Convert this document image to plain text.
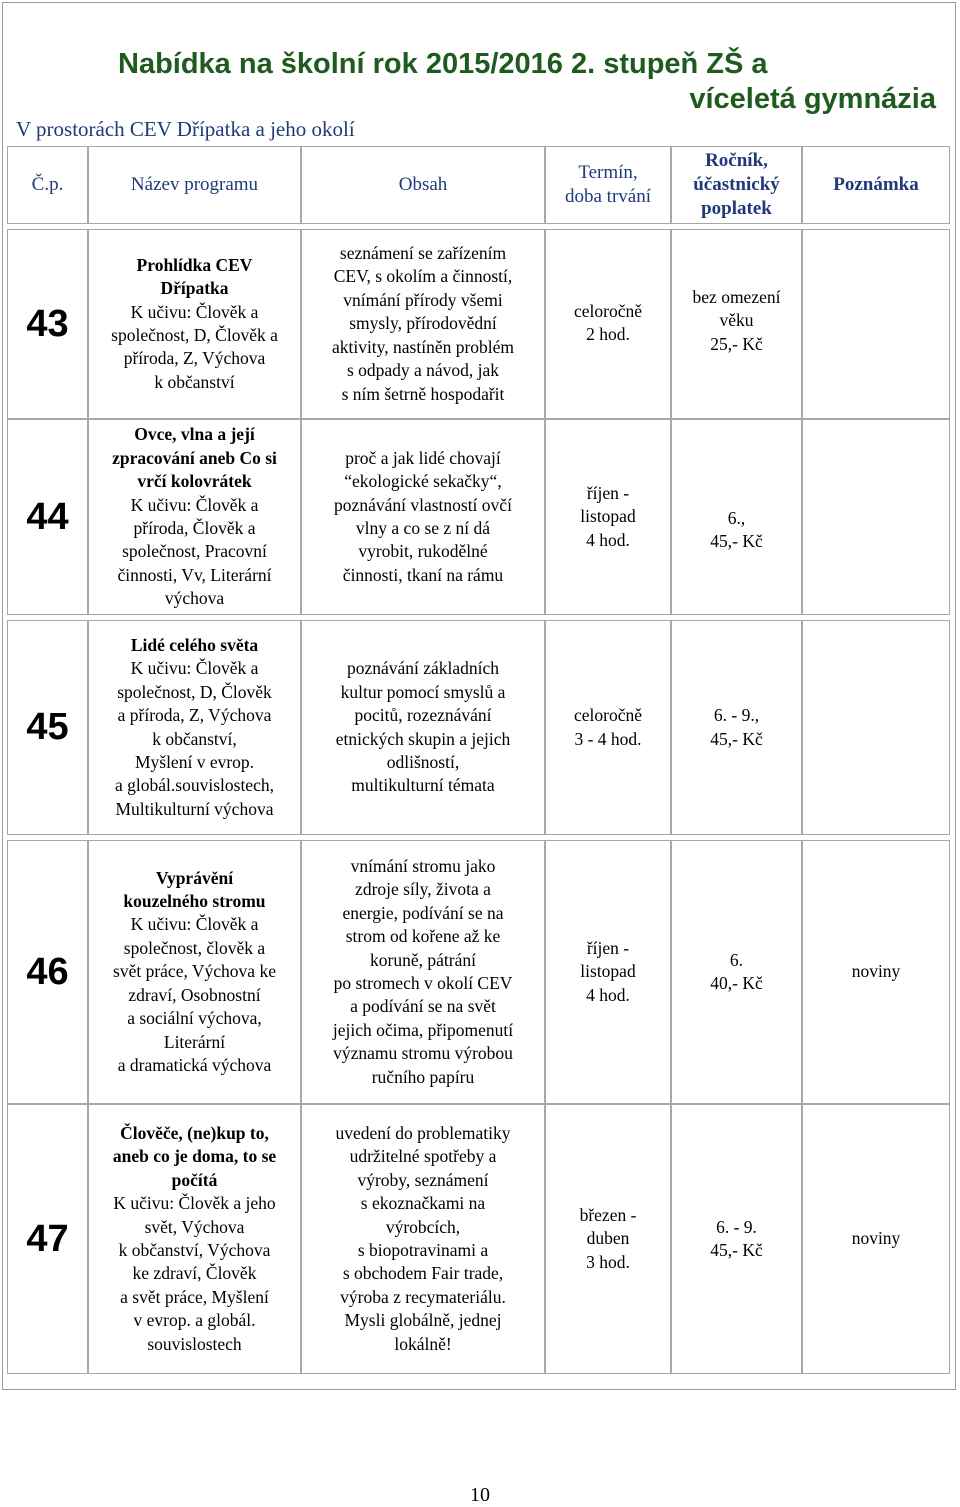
Nabídka na školní rok 2015/2016 2. stupeň ZŠ a
víceletá gymnázia
V prostorách CEV Dřípatka a jeho okolí
Č.p.	Název programu	Obsah
Termín,
doba trvání
Ročník,
účastnický
poplatek
Poznámka
43
Prohlídka CEV
Dřípatka
K učivu: Člověk a
společnost, D, Člověk a
příroda, Z, Výchova
k občanství
seznámení se zařízením
CEV, s okolím a činností,
vnímání přírody všemi
smysly, přírodovědní
aktivity, nastíněn problém
s odpady a návod, jak
s ním šetrně hospodařit
celoročně
2 hod.
bez omezení
věku
25,- Kč
44
Ovce, vlna a její
zpracování aneb Co si
vrčí kolovrátek
K učivu: Člověk a
příroda, Člověk a
společnost, Pracovní
činnosti, Vv, Literární
výchova
proč a jak lidé chovají
“ekologické sekačky“,
poznávání vlastností ovčí
vlny a co se z ní dá
vyrobit, rukodělné
činnosti, tkaní na rámu
říjen -
listopad
4 hod.
6.,
45,- Kč
45
Lidé celého světa
K učivu: Člověk a
společnost, D, Člověk
a příroda, Z, Výchova
k občanství,
Myšlení v evrop.
a globál.souvislostech,
Multikulturní výchova
poznávání základních
kultur pomocí smyslů a
pocitů, rozeznávání
etnických skupin a jejich
odlišností,
multikulturní témata
celoročně
3 - 4 hod.
6. - 9.,
45,- Kč
46
Vyprávění
kouzelného stromu
K učivu: Člověk a
společnost, člověk a
svět práce, Výchova ke
zdraví, Osobnostní
a sociální výchova,
Literární
a dramatická výchova
vnímání stromu jako
zdroje síly, života a
energie, podívání se na
strom od kořene až ke
koruně, pátrání
po stromech v okolí CEV
a podívání se na svět
jejich očima, připomenutí
významu stromu výrobou
ručního papíru
říjen -
listopad
4 hod.
6.
40,- Kč
noviny
47
Člověče, (ne)kup to,
aneb co je doma, to se
počítá
K učivu: Člověk a jeho
svět, Výchova
k občanství, Výchova
ke zdraví, Člověk
a svět práce, Myšlení
v evrop. a globál.
souvislostech
uvedení do problematiky
udržitelné spotřeby a
výroby, seznámení
s ekoznačkami na
výrobcích,
s biopotravinami a
s obchodem Fair trade,
výroba z recymateriálu.
Mysli globálně, jednej
lokálně!
březen -
duben
3 hod.
6. - 9.
45,- Kč
noviny
10
